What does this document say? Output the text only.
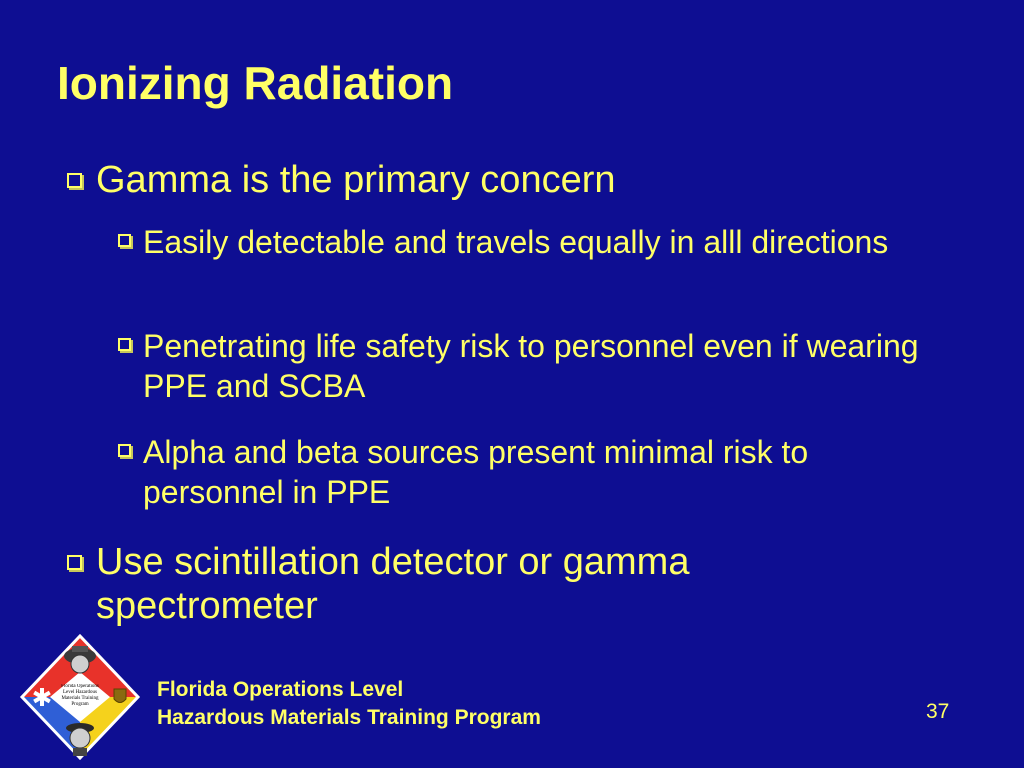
Ionizing Radiation
Gamma is the primary concern
Easily detectable and travels equally in alll directions
Penetrating life safety risk to personnel even if wearing PPE and SCBA
Alpha and beta sources present minimal risk to personnel in PPE
Use scintillation detector or gamma spectrometer
Florida Operations Level Hazardous Materials Training Program
Florida Operations Level
Hazardous Materials Training Program	37
